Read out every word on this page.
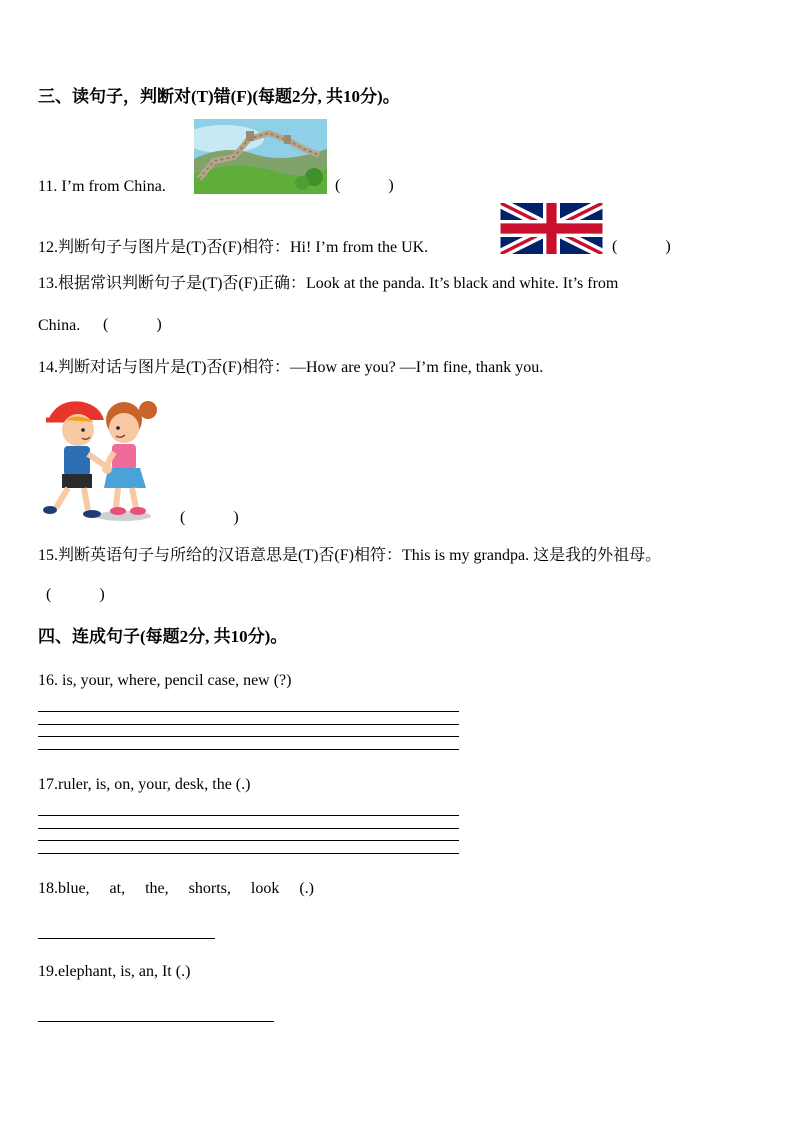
三、读句子，判断对(T)错(F)(每题2分, 共10分)。
11. I’m from China.	(　　　)
12.判断句子与图片是(T)否(F)相符：Hi! I’m from the UK.	(　　　)
13.根据常识判断句子是(T)否(F)正确：Look at the panda. It’s black and white. It’s from
China. (　　　)
14.判断对话与图片是(T)否(F)相符：—How are you? —I’m fine, thank you.
(　　　)
15.判断英语句子与所给的汉语意思是(T)否(F)相符：This is my grandpa. 这是我的外祖母。
(　　　)
四、连成句子(每题2分, 共10分)。
16. is, your, where, pencil case, new (?)
17.ruler, is, on, your, desk, the (.)
18.blue,     at,     the,     shorts,     look     (.)
19.elephant, is, an, It (.)
